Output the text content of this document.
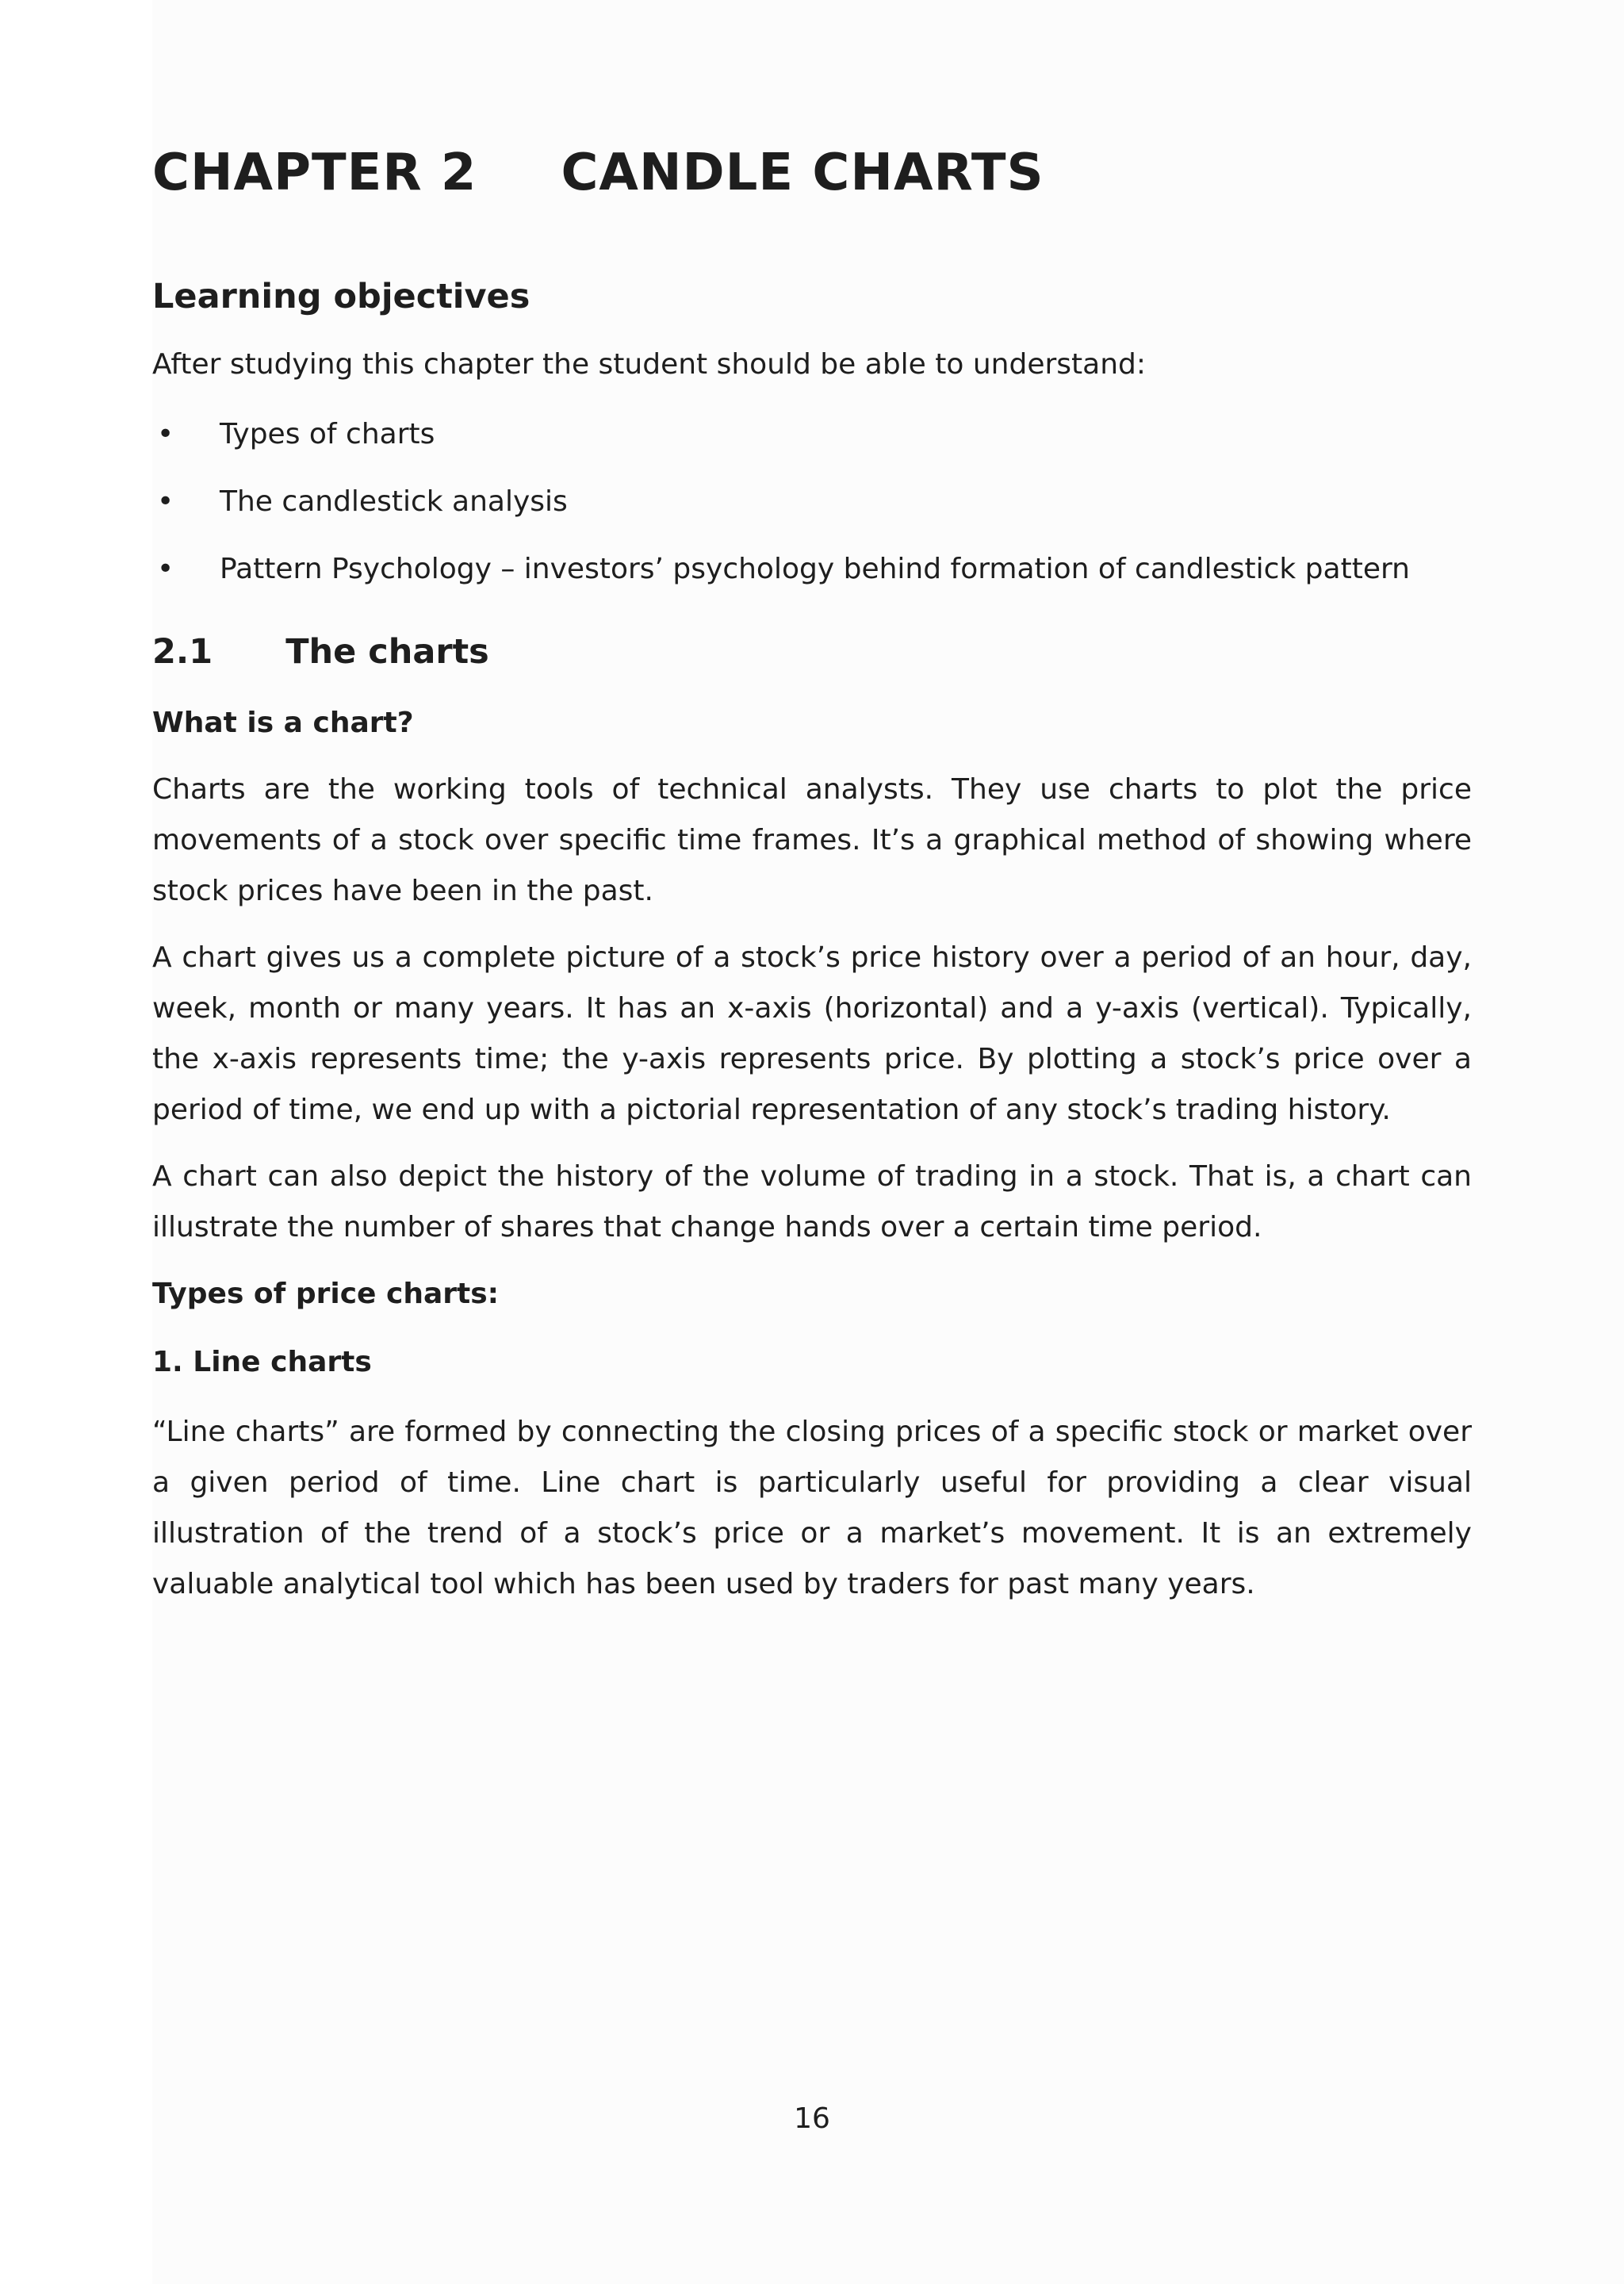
CHAPTER 2 CANDLE CHARTS
Learning objectives

After studying this chapter the student should be able to understand:

• Types of charts
• The candlestick analysis
• Pattern Psychology – investors’ psychology behind formation of candlestick pattern
2.1 The charts
What is a chart?

Charts are the working tools of technical analysts. They use charts to plot the price movements of a stock over specific time frames. It’s a graphical method of showing where stock prices have been in the past.

A chart gives us a complete picture of a stock’s price history over a period of an hour, day, week, month or many years. It has an x-axis (horizontal) and a y-axis (vertical). Typically, the x-axis represents time; the y-axis represents price. By plotting a stock’s price over a period of time, we end up with a pictorial representation of any stock’s trading history.

A chart can also depict the history of the volume of trading in a stock. That is, a chart can illustrate the number of shares that change hands over a certain time period.

Types of price charts:
1. Line charts

“Line charts” are formed by connecting the closing prices of a specific stock or market over a given period of time. Line chart is particularly useful for providing a clear visual illustration of the trend of a stock’s price or a market’s movement. It is an extremely valuable analytical tool which has been used by traders for past many years.

16
